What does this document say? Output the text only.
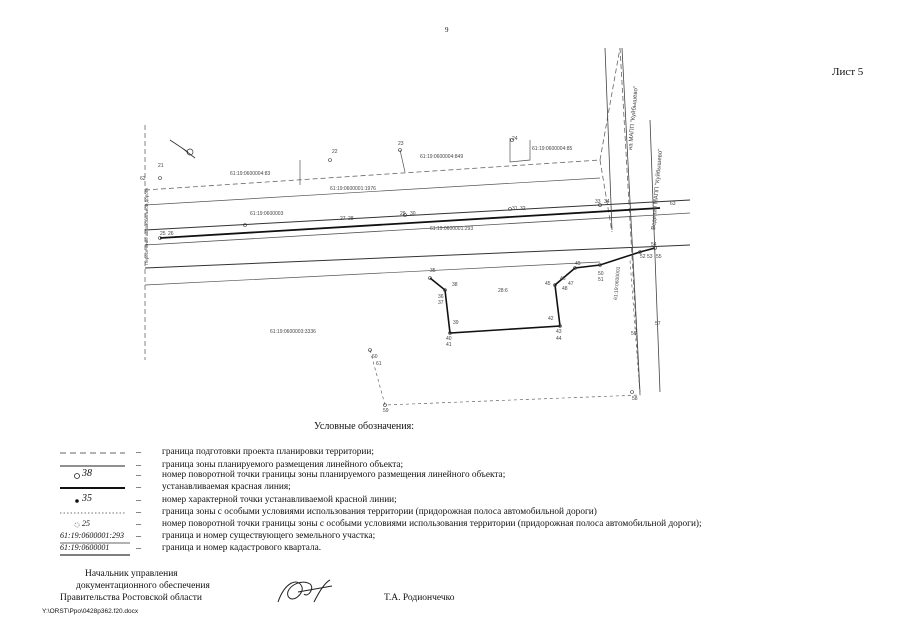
9
Лист 5
61:19:0600004:83
61:19:0600004:849
61:19:0600004:85
61:19:0600001:1976
61:19:0600003
61:19:0600001:293
61:19:0600001
61:19:0600003:3336
28:6
на МАПП "Куйбышево"
Ведение МАПП "Куйбышево"
Пересечение автомобильной дороги
21
22
23
24
25 26
27 28
29 30
31 32
33 34
35
36
37
38
39
40
41
42
43
44
45
46
47
48
49
50
51
52 53
54
55
56
57
58
59
60
61
62
63
Условные обозначения:
– граница подготовки проекта планировки территории;
– граница зоны планируемого размещения линейного объекта;
38	– номер поворотной точки границы зоны планируемого размещения линейного объекта;
– устанавливаемая красная линия;
35	– номер характерной точки устанавливаемой красной линии;
– граница зоны с особыми условиями использования территории (придорожная полоса автомобильной дороги)
25	– номер поворотной точки границы зоны с особыми условиями использования территории (придорожная полоса автомобильной дороги);
61:19:0600001:293 – граница и номер существующего земельного участка;
61:19:0600001	– граница и номер кадастрового квартала.
Начальник управления
документационного обеспечения
Правительства Ростовской области	Т.А. Родиончечко
Y:\ORST\Ppo\0428p362.f20.docx
